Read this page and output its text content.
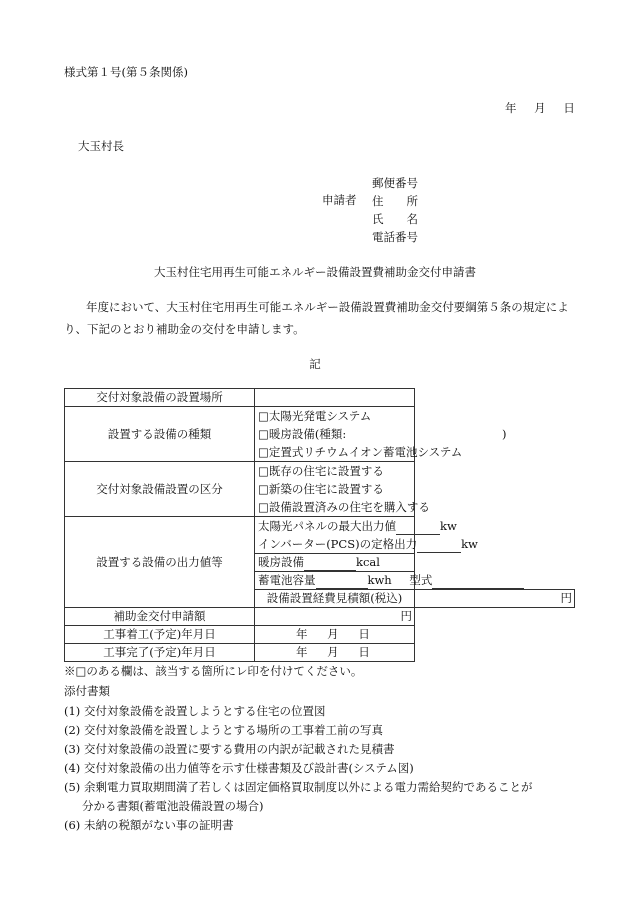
様式第１号(第５条関係)
年 月 日
大玉村長
申請者
郵便番号
住　　所
氏　　名
電話番号
大玉村住宅用再生可能エネルギー設備設置費補助金交付申請書
年度において、大玉村住宅用再生可能エネルギー設備設置費補助金交付要綱第５条の規定により、下記のとおり補助金の交付を申請します。
記
交付対象設備の設置場所		
設置する設備の種類	□太陽光発電システム
□暖房設備(種類: )
□定置式リチウムイオン蓄電池システム	

交付対象設備設置の区分	□既存の住宅に設置する
□新築の住宅に設置する
□設備設置済みの住宅を購入する	

設置する設備の出力値等	太陽光パネルの最大出力値 kw
インバーター(PCS)の定格出力 kw	

	暖房設備 kcal	
	蓄電池容量 kwh 型式	
	設備設置経費見積額(税込)	円
補助金交付申請額	円	
工事着工(予定)年月日	年 月 日	
工事完了(予定)年月日	年 月 日	
※□のある欄は、該当する箇所にレ印を付けてください。
添付書類
(1) 交付対象設備を設置しようとする住宅の位置図
(2) 交付対象設備を設置しようとする場所の工事着工前の写真
(3) 交付対象設備の設置に要する費用の内訳が記載された見積書
(4) 交付対象設備の出力値等を示す仕様書類及び設計書(システム図)
(5) 余剰電力買取期間満了若しくは固定価格買取制度以外による電力需給契約であることが
分かる書類(蓄電池設備設置の場合)
(6) 未納の税額がない事の証明書
